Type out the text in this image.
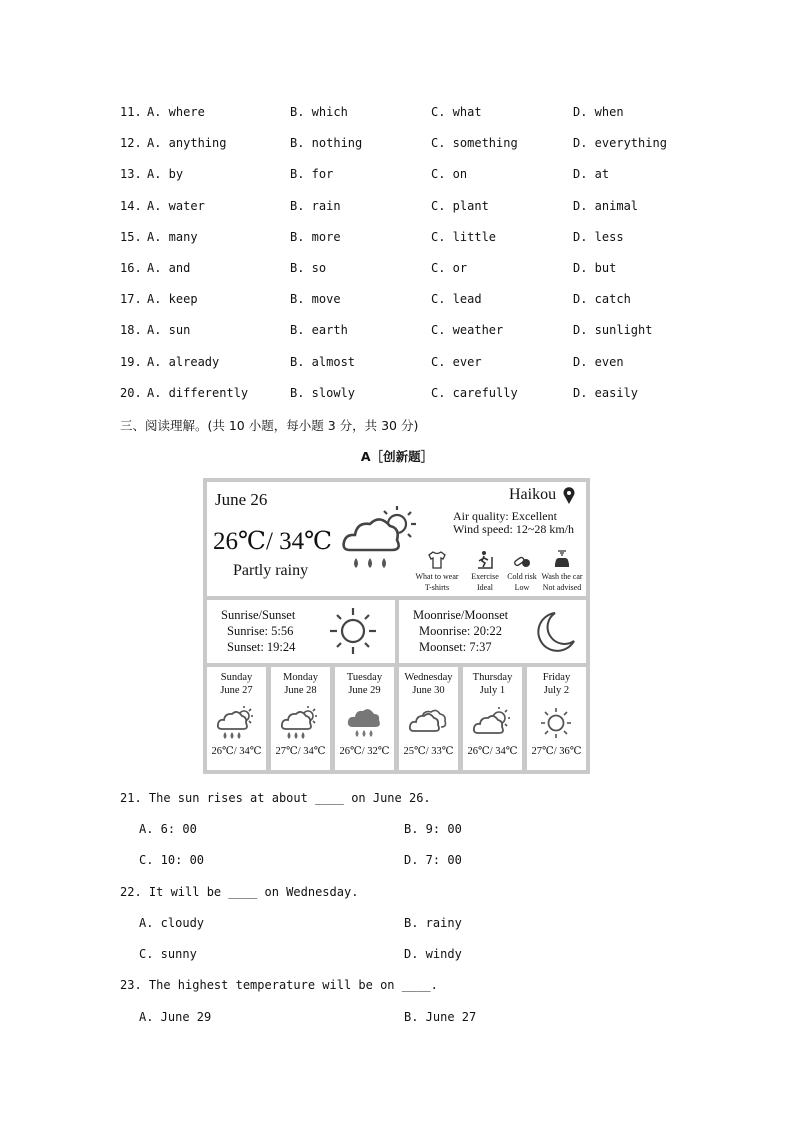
11. A. where	B. which	C. what	D. when
12. A. anything	B. nothing	C. something	D. everything
13. A. by	B. for	C. on	D. at
14. A. water	B. rain	C. plant	D. animal
15. A. many	B. more	C. little	D. less
16. A. and	B. so	C. or	D. but
17. A. keep	B. move	C. lead	D. catch
18. A. sun	B. earth	C. weather	D. sunlight
19. A. already	B. almost	C. ever	D. even
20. A. differently	B. slowly	C. carefully	D. easily
三、阅读理解。(共 10 小题，每小题 3 分，共 30 分)
A［创新题］
June 26
26℃/ 34℃
Partly rainy
Haikou
Air quality: Excellent
Wind speed: 12~28 km/h
What to wear
T-shirts
Exercise
Ideal
Cold risk
Low
Wash the car
Not advised
Sunrise/Sunset
Sunrise: 5:56
Sunset: 19:24
Moonrise/Moonset
Moonrise: 20:22
Moonset: 7:37
Sunday
June 27
26℃/ 34℃
Monday
June 28
27℃/ 34℃
Tuesday
June 29
26℃/ 32℃
Wednesday
June 30
25℃/ 33℃
Thursday
July 1
26℃/ 34℃
Friday
July 2
27℃/ 36℃
21. The sun rises at about ____ on June 26.
A. 6: 00	B. 9: 00
C. 10: 00	D. 7: 00
22. It will be ____ on Wednesday.
A. cloudy	B. rainy
C. sunny	D. windy
23. The highest temperature will be on ____.
A. June 29	B. June 27
